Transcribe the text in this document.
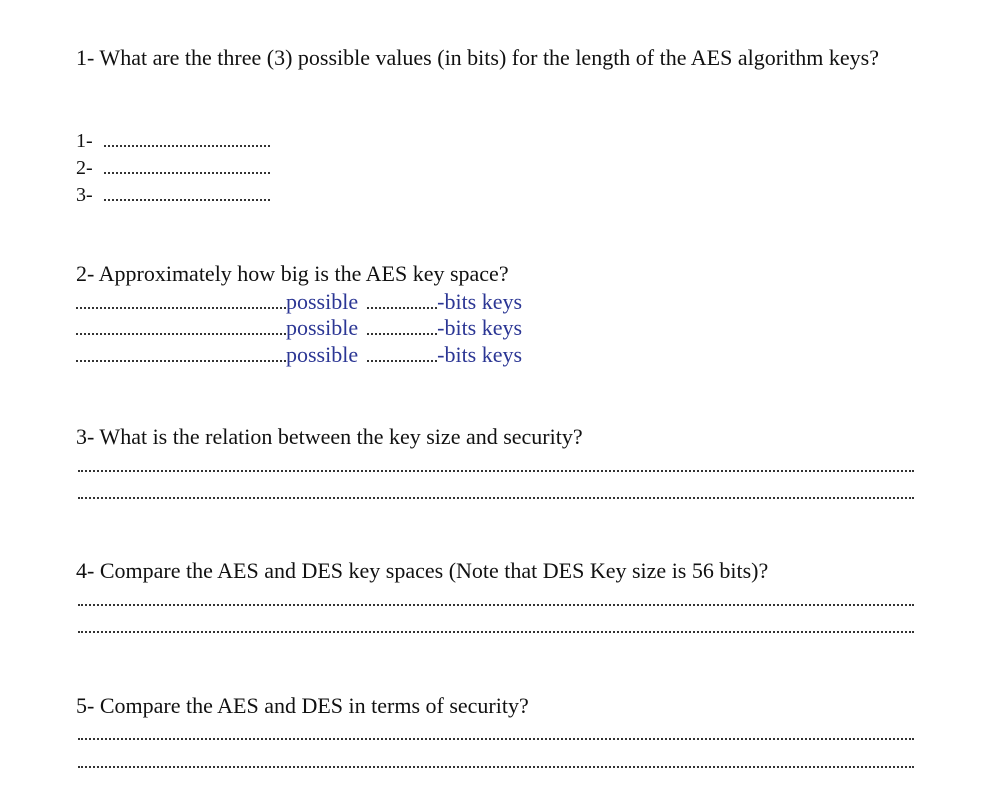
1- What are the three (3) possible values (in bits) for the length of the AES algorithm keys?

1-
2-
3-

2- Approximately how big is the AES key space?

possible	-bits keys
possible	-bits keys
possible	-bits keys

3- What is the relation between the key size and security?

4- Compare the AES and DES key spaces (Note that DES Key size is 56 bits)?

5- Compare the AES and DES in terms of security?
